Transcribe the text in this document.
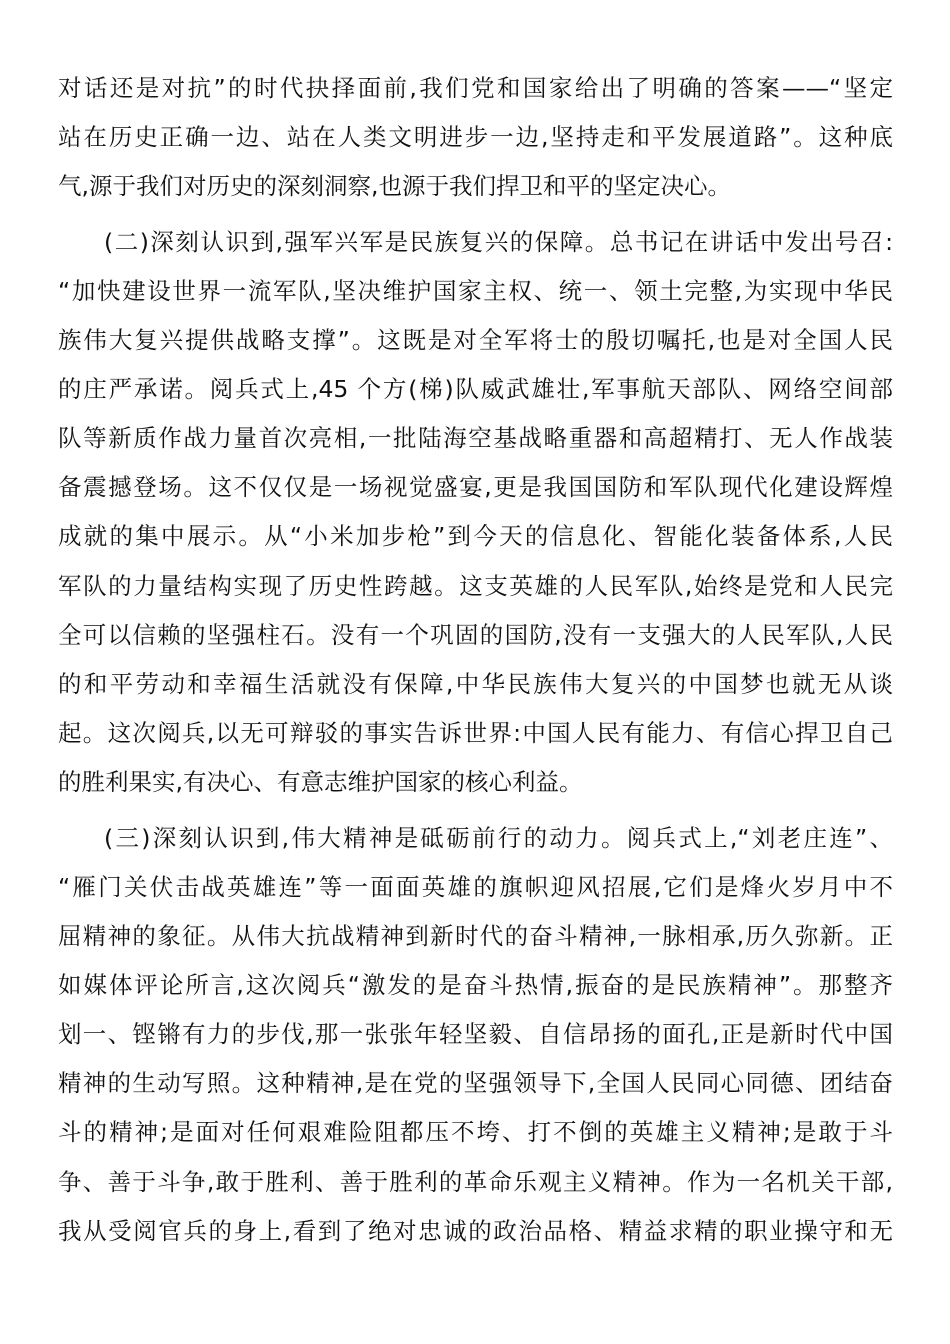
对话还是对抗”的时代抉择面前,我们党和国家给出了明确的答案——“坚定

站在历史正确一边、站在人类文明进步一边,坚持走和平发展道路”。这种底

气,源于我们对历史的深刻洞察,也源于我们捍卫和平的坚定决心。

(二)深刻认识到,强军兴军是民族复兴的保障。总书记在讲话中发出号召:

“加快建设世界一流军队,坚决维护国家主权、统一、领土完整,为实现中华民

族伟大复兴提供战略支撑”。这既是对全军将士的殷切嘱托,也是对全国人民

的庄严承诺。阅兵式上,45 个方(梯)队威武雄壮,军事航天部队、网络空间部

队等新质作战力量首次亮相,一批陆海空基战略重器和高超精打、无人作战装

备震撼登场。这不仅仅是一场视觉盛宴,更是我国国防和军队现代化建设辉煌

成就的集中展示。从“小米加步枪”到今天的信息化、智能化装备体系,人民

军队的力量结构实现了历史性跨越。这支英雄的人民军队,始终是党和人民完

全可以信赖的坚强柱石。没有一个巩固的国防,没有一支强大的人民军队,人民

的和平劳动和幸福生活就没有保障,中华民族伟大复兴的中国梦也就无从谈

起。这次阅兵,以无可辩驳的事实告诉世界:中国人民有能力、有信心捍卫自己

的胜利果实,有决心、有意志维护国家的核心利益。

(三)深刻认识到,伟大精神是砥砺前行的动力。阅兵式上,“刘老庄连”、

“雁门关伏击战英雄连”等一面面英雄的旗帜迎风招展,它们是烽火岁月中不

屈精神的象征。从伟大抗战精神到新时代的奋斗精神,一脉相承,历久弥新。正

如媒体评论所言,这次阅兵“激发的是奋斗热情,振奋的是民族精神”。那整齐

划一、铿锵有力的步伐,那一张张年轻坚毅、自信昂扬的面孔,正是新时代中国

精神的生动写照。这种精神,是在党的坚强领导下,全国人民同心同德、团结奋

斗的精神;是面对任何艰难险阻都压不垮、打不倒的英雄主义精神;是敢于斗

争、善于斗争,敢于胜利、善于胜利的革命乐观主义精神。作为一名机关干部,

我从受阅官兵的身上,看到了绝对忠诚的政治品格、精益求精的职业操守和无
